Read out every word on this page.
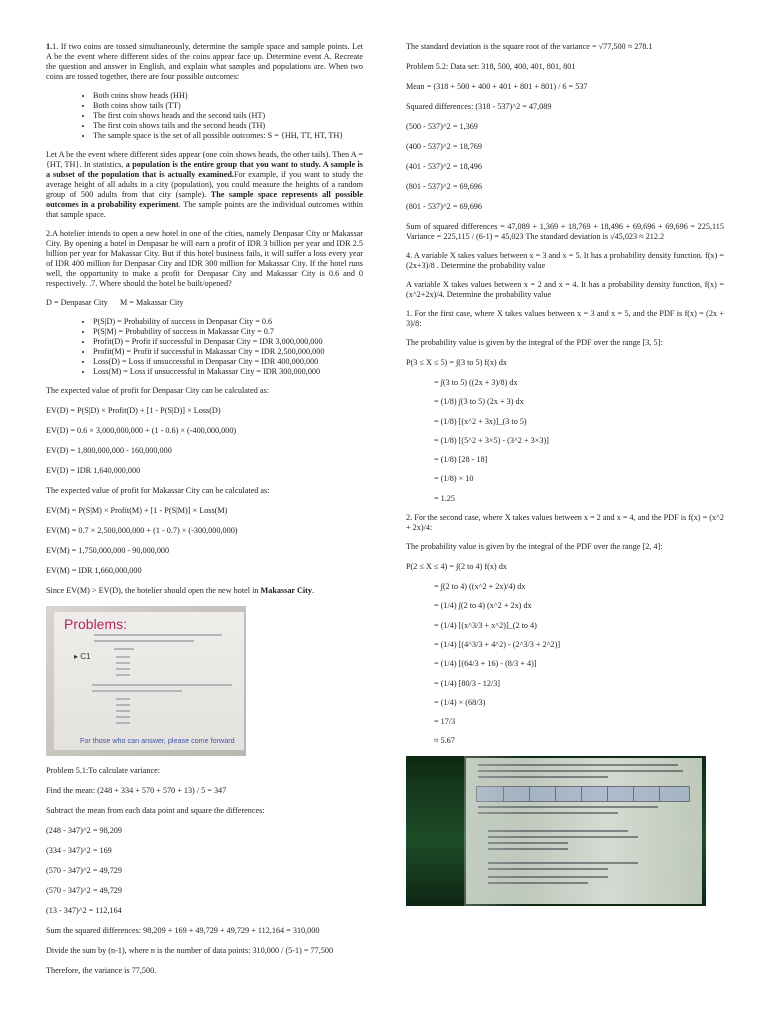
1.1. If two coins are tossed simultaneously, determine the sample space and sample points. Let A be the event where different sides of the coins appear face up. Determine event A. Recreate the question and answer in English, and explain what samples and populations are. When two coins are tossed together, there are four possible outcomes:

• Both coins show heads (HH)
• Both coins show tails (TT)
• The first coin shows heads and the second tails (HT)
• The first coin shows tails and the second heads (TH)
• The sample space is the set of all possible outcomes: S = {HH, TT, HT, TH}

Let A be the event where different sides appear (one coin shows heads, the other tails). Then A = {HT, TH}. In statistics, a population is the entire group that you want to study. A sample is a subset of the population that is actually examined.For example, if you want to study the average height of all adults in a city (population), you could measure the heights of a random group of 500 adults from that city (sample). The sample space represents all possible outcomes in a probability experiment. The sample points are the individual outcomes within that sample space.

2.A hotelier intends to open a new hotel in one of the cities, namely Denpasar City or Makassar City. By opening a hotel in Denpasar he will earn a profit of IDR 3 billion per year and IDR 2.5 billion per year for Makassar City. But if this hotel business fails, it will suffer a loss every year of IDR 400 million for Denpasar City and IDR 300 million for Makassar City. If the hotel runs well, the opportunity to make a profit for Denpasar City and Makassar City is 0.6 and 0 respectively. .7. Where should the hotel be built/opened?

D = Denpasar City      M = Makassar City

• P(S|D) = Probability of success in Denpasar City = 0.6
• P(S|M) = Probability of success in Makassar City = 0.7
• Profit(D) = Profit if successful in Denpasar City = IDR 3,000,000,000
• Profit(M) = Profit if successful in Makassar City = IDR 2,500,000,000
• Loss(D) = Loss if unsuccessful in Denpasar City = IDR 400,000,000
• Loss(M) = Loss if unsuccessful in Makassar City = IDR 300,000,000

The expected value of profit for Denpasar City can be calculated as:

EV(D) = P(S|D) × Profit(D) + [1 - P(S|D)] × Loss(D)

EV(D) = 0.6 × 3,000,000,000 + (1 - 0.6) × (-400,000,000)

EV(D) = 1,800,000,000 - 160,000,000

EV(D) = IDR 1,640,000,000

The expected value of profit for Makassar City can be calculated as:

EV(M) = P(S|M) × Profit(M) + [1 - P(S|M)] × Loss(M)

EV(M) = 0.7 × 2,500,000,000 + (1 - 0.7) × (-300,000,000)

EV(M) = 1,750,000,000 - 90,000,000

EV(M) = IDR 1,660,000,000

Since EV(M) > EV(D), the hotelier should open the new hotel in Makassar City.

Problems:
▸ C1
For those who can answer, please come forward

Problem 5.1:To calculate variance:

Find the mean: (248 + 334 + 570 + 570 + 13) / 5 = 347

Subtract the mean from each data point and square the differences:

(248 - 347)^2 = 98,209

(334 - 347)^2 = 169

(570 - 347)^2 = 49,729

(570 - 347)^2 = 49,729

(13 - 347)^2 = 112,164

Sum the squared differences: 98,209 + 169 + 49,729 + 49,729 + 112,164 = 310,000

Divide the sum by (n-1), where n is the number of data points: 310,000 / (5-1) = 77,500

Therefore, the variance is 77,500.

The standard deviation is the square root of the variance = √77,500 ≈ 278.1

Problem 5.2: Data set: 318, 500, 400, 401, 801, 801

Mean = (318 + 500 + 400 + 401 + 801 + 801) / 6 = 537

Squared differences: (318 - 537)^2 = 47,089

(500 - 537)^2 = 1,369

(400 - 537)^2 = 18,769

(401 - 537)^2 = 18,496

(801 - 537)^2 = 69,696

(801 - 537)^2 = 69,696

Sum of squared differences = 47,089 + 1,369 + 18,769 + 18,496 + 69,696 + 69,696 = 225,115 Variance = 225,115 / (6-1) = 45,023 The standard deviation is √45,023 ≈ 212.2

4. A variable X takes values between x = 3 and x = 5. It has a probability density function. f(x) = (2x+3)/8 . Determine the probability value

A variable X takes values between x = 2 and x = 4. It has a probability density function, f(x) = (x^2+2x)/4. Determine the probability value

1. For the first case, where X takes values between x = 3 and x = 5, and the PDF is f(x) = (2x + 3)/8:

The probability value is given by the integral of the PDF over the range [3, 5]:

P(3 ≤ X ≤ 5) = ∫(3 to 5) f(x) dx

= ∫(3 to 5) ((2x + 3)/8) dx

= (1/8) ∫(3 to 5) (2x + 3) dx

= (1/8) [(x^2 + 3x)]_(3 to 5)

= (1/8) [(5^2 + 3×5) - (3^2 + 3×3)]

= (1/8) [28 - 18]

= (1/8) × 10

= 1.25

2. For the second case, where X takes values between x = 2 and x = 4, and the PDF is f(x) = (x^2 + 2x)/4:

The probability value is given by the integral of the PDF over the range [2, 4]:

P(2 ≤ X ≤ 4) = ∫(2 to 4) f(x) dx

= ∫(2 to 4) ((x^2 + 2x)/4) dx

= (1/4) ∫(2 to 4) (x^2 + 2x) dx

= (1/4) [(x^3/3 + x^2)]_(2 to 4)

= (1/4) [(4^3/3 + 4^2) - (2^3/3 + 2^2)]

= (1/4) [(64/3 + 16) - (8/3 + 4)]

= (1/4) [80/3 - 12/3]

= (1/4) × (68/3)

= 17/3

≈ 5.67
